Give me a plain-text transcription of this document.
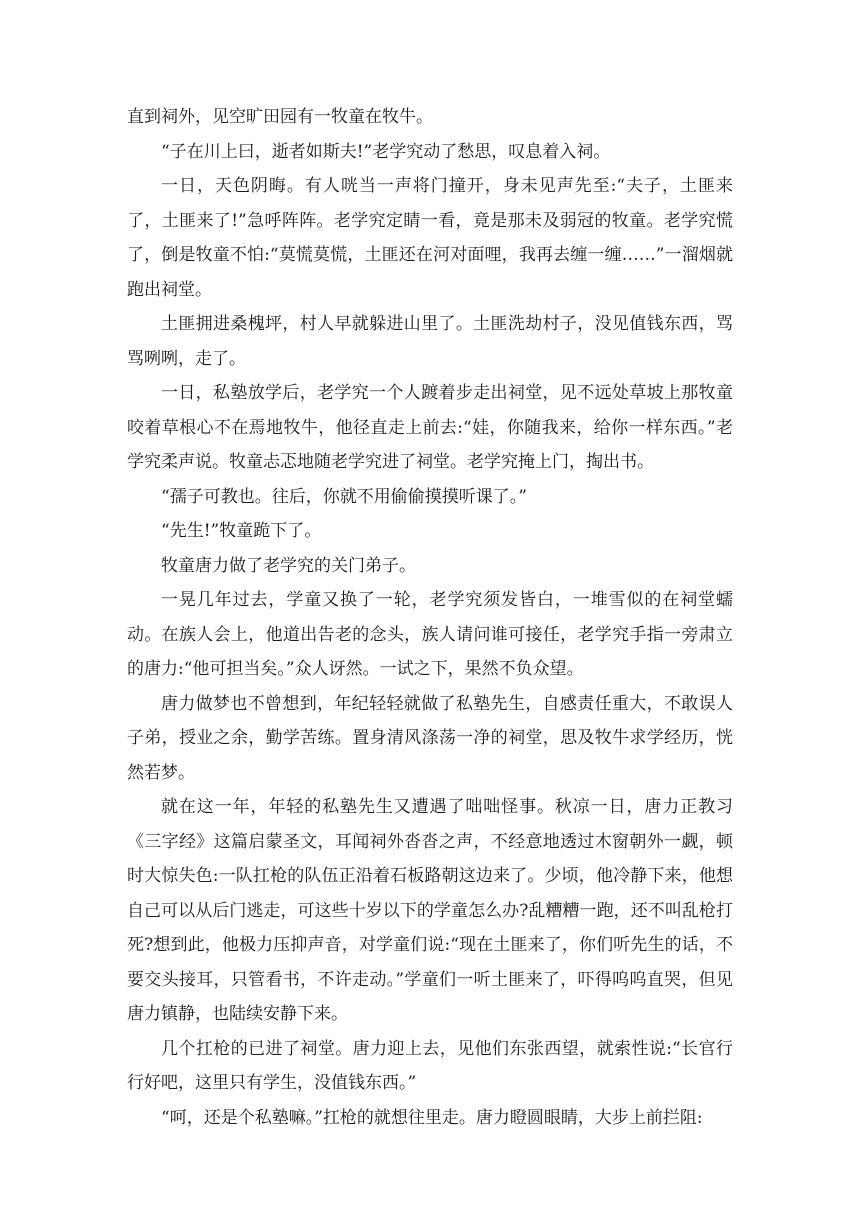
直到祠外，见空旷田园有一牧童在牧牛。

“子在川上曰，逝者如斯夫!”老学究动了愁思，叹息着入祠。

一日，天色阴晦。有人咣当一声将门撞开，身未见声先至:“夫子，土匪来了，土匪来了!”急呼阵阵。老学究定睛一看，竟是那未及弱冠的牧童。老学究慌了，倒是牧童不怕:“莫慌莫慌，土匪还在河对面哩，我再去缠一缠……”一溜烟就跑出祠堂。

土匪拥进桑槐坪，村人早就躲进山里了。土匪洗劫村子，没见值钱东西，骂骂咧咧，走了。

一日，私塾放学后，老学究一个人踱着步走出祠堂，见不远处草坡上那牧童咬着草根心不在焉地牧牛，他径直走上前去:“娃，你随我来，给你一样东西。”老学究柔声说。牧童忐忑地随老学究进了祠堂。老学究掩上门，掏出书。

“孺子可教也。往后，你就不用偷偷摸摸听课了。”

“先生!”牧童跪下了。

牧童唐力做了老学究的关门弟子。

一晃几年过去，学童又换了一轮，老学究须发皆白，一堆雪似的在祠堂蠕动。在族人会上，他道出告老的念头，族人请问谁可接任，老学究手指一旁肃立的唐力:“他可担当矣。”众人讶然。一试之下，果然不负众望。

唐力做梦也不曾想到，年纪轻轻就做了私塾先生，自感责任重大，不敢误人子弟，授业之余，勤学苦练。置身清风涤荡一净的祠堂，思及牧牛求学经历，恍然若梦。

就在这一年，年轻的私塾先生又遭遇了咄咄怪事。秋凉一日，唐力正教习《三字经》这篇启蒙圣文，耳闻祠外沓沓之声，不经意地透过木窗朝外一觑，顿时大惊失色:一队扛枪的队伍正沿着石板路朝这边来了。少顷，他冷静下来，他想自己可以从后门逃走，可这些十岁以下的学童怎么办?乱糟糟一跑，还不叫乱枪打死?想到此，他极力压抑声音，对学童们说:“现在土匪来了，你们听先生的话，不要交头接耳，只管看书，不许走动。”学童们一听土匪来了，吓得呜呜直哭，但见唐力镇静，也陆续安静下来。

几个扛枪的已进了祠堂。唐力迎上去，见他们东张西望，就索性说:“长官行行好吧，这里只有学生，没值钱东西。”

“呵，还是个私塾嘛。”扛枪的就想往里走。唐力瞪圆眼睛，大步上前拦阻:
